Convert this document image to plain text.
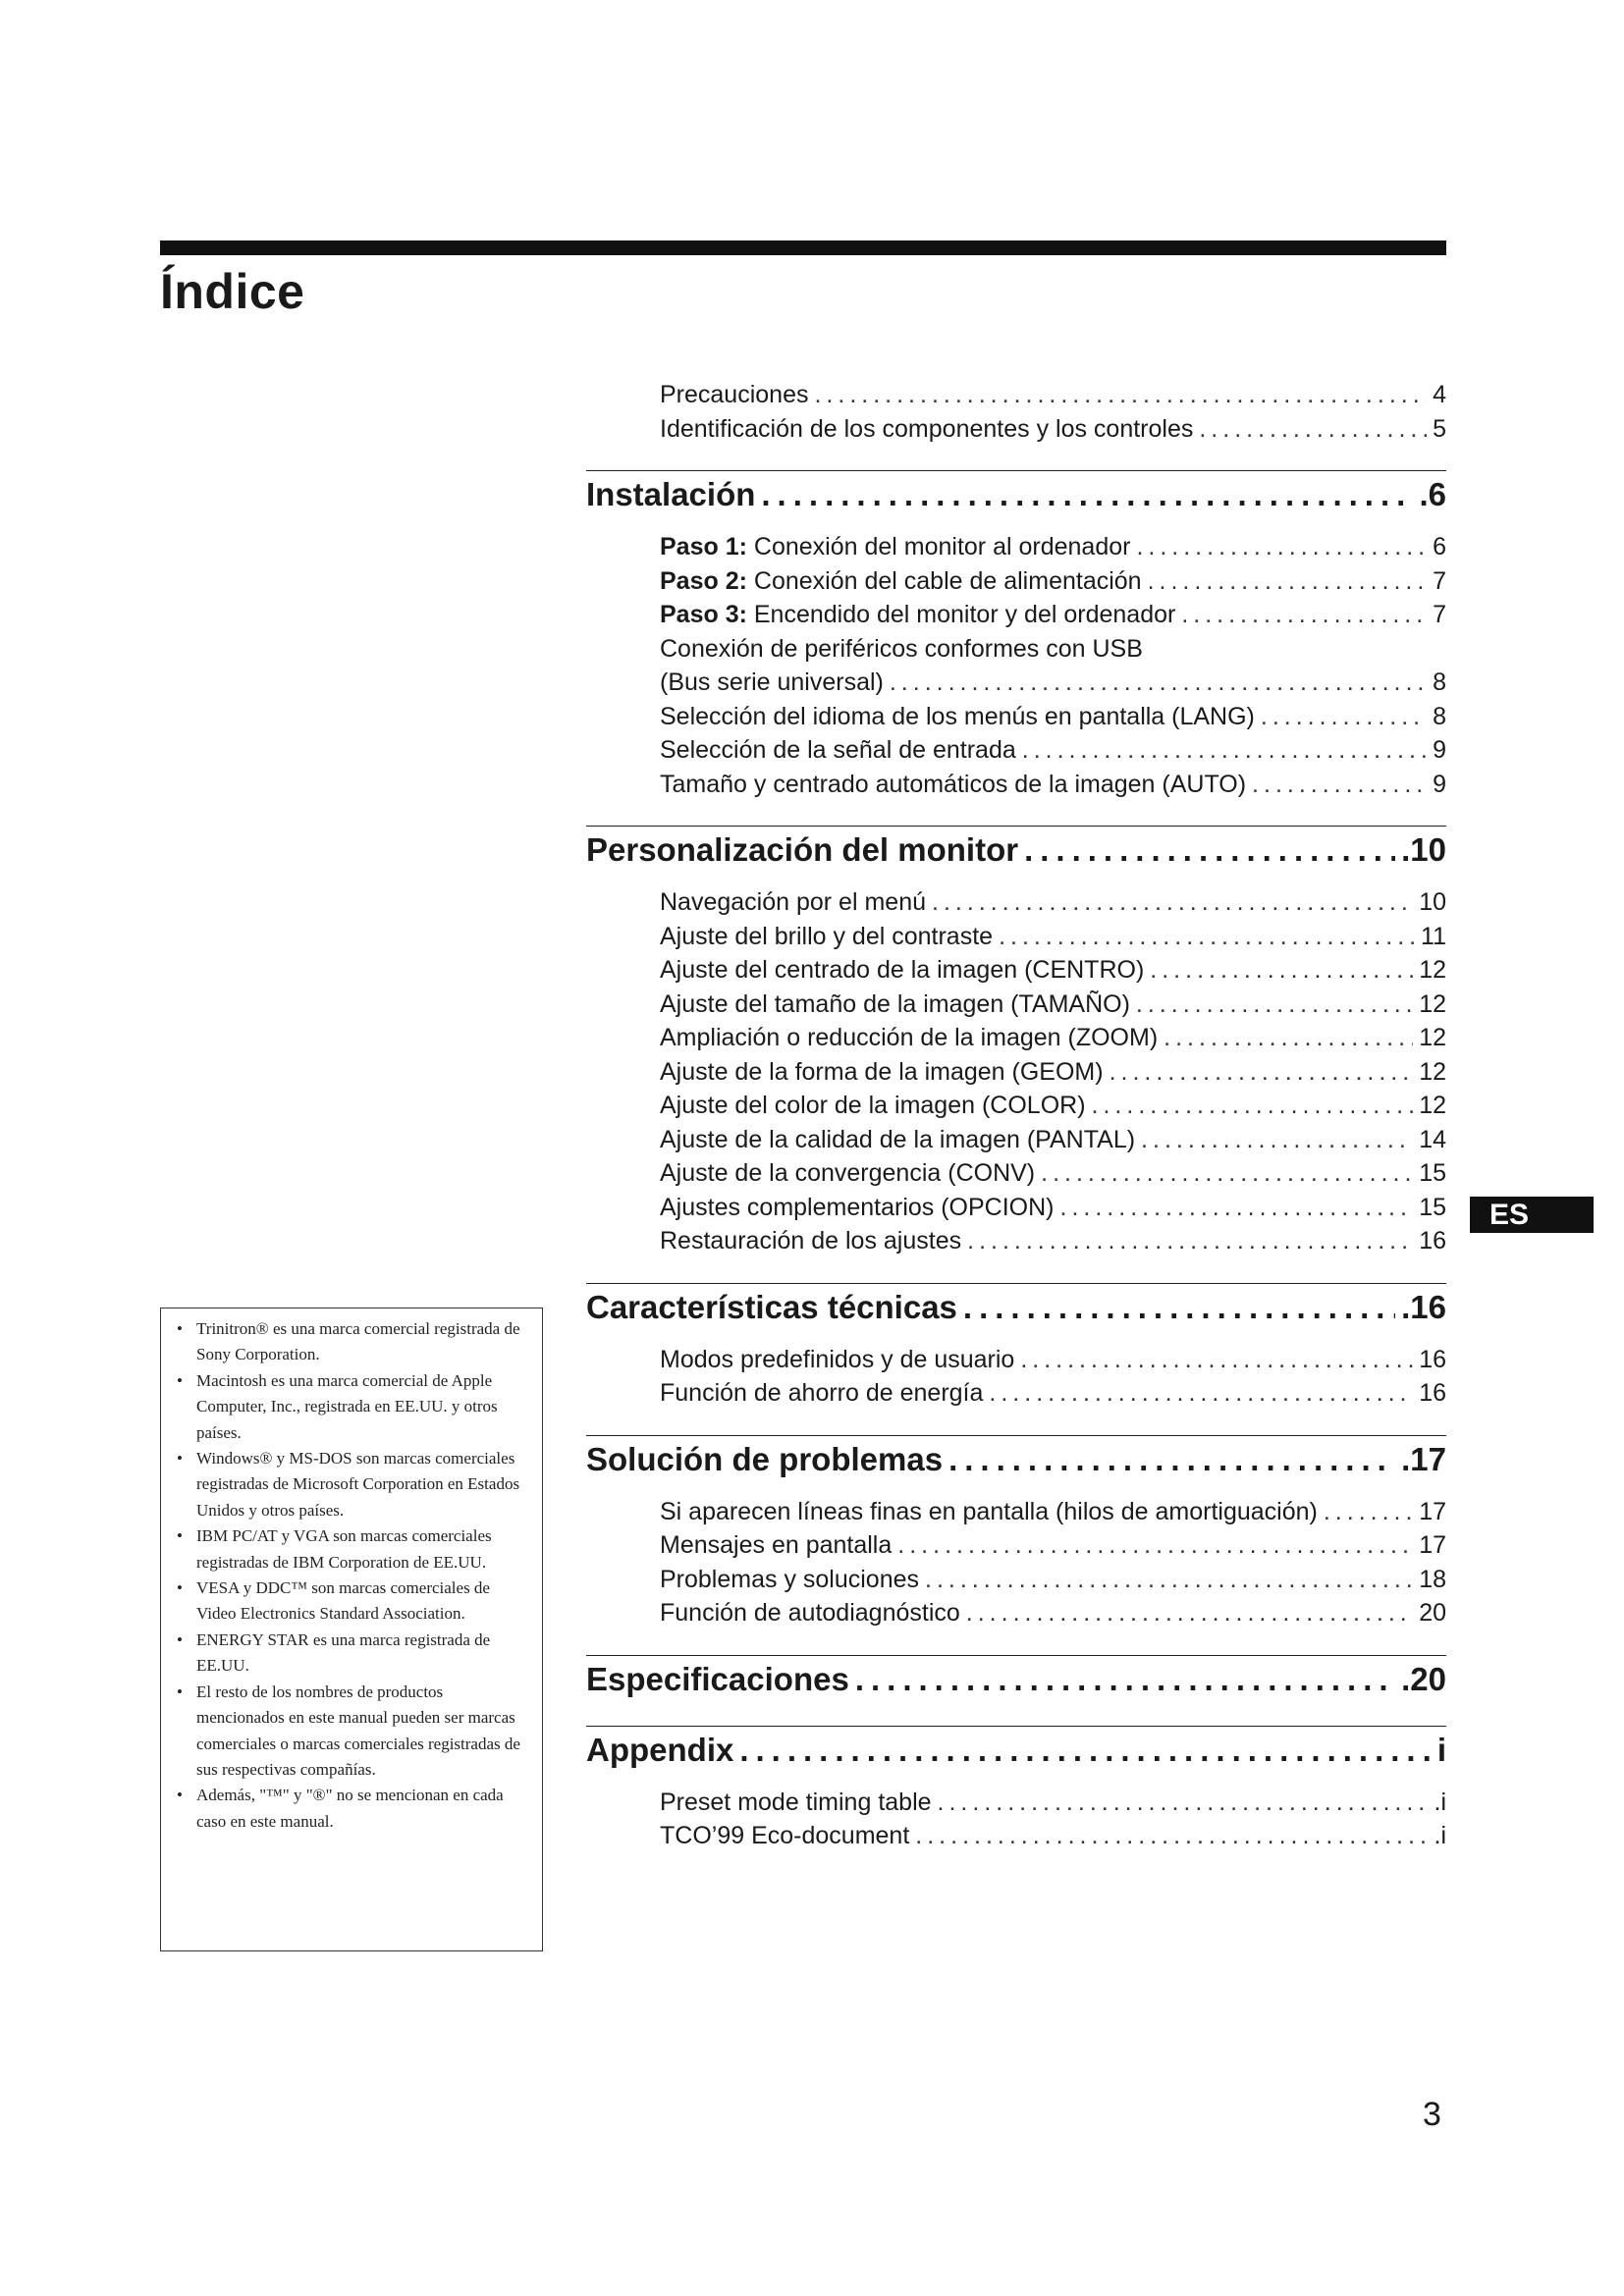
Índice
Precauciones .....	4
Identificación de los componentes y los controles .....	5
Instalación .....	.6
Paso 1: Conexión del monitor al ordenador .....	6
Paso 2: Conexión del cable de alimentación .....	7
Paso 3: Encendido del monitor y del ordenador .....	7
Conexión de periféricos conformes con USB
(Bus serie universal) .....	8
Selección del idioma de los menús en pantalla (LANG) .....	8
Selección de la señal de entrada .....	9
Tamaño y centrado automáticos de la imagen (AUTO) .....	9
Personalización del monitor .....	.10
Navegación por el menú .....	10
Ajuste del brillo y del contraste .....	11
Ajuste del centrado de la imagen (CENTRO) .....	12
Ajuste del tamaño de la imagen (TAMAÑO) .....	12
Ampliación o reducción de la imagen (ZOOM) .....	12
Ajuste de la forma de la imagen (GEOM) .....	12
Ajuste del color de la imagen (COLOR) .....	12
Ajuste de la calidad de la imagen (PANTAL) .....	14
Ajuste de la convergencia (CONV) .....	15
Ajustes complementarios (OPCION) .....	15
Restauración de los ajustes .....	16
Características técnicas .....	.16
Modos predefinidos y de usuario .....	16
Función de ahorro de energía .....	16
Solución de problemas .....	.17
Si aparecen líneas finas en pantalla (hilos de amortiguación) .....	17
Mensajes en pantalla .....	17
Problemas y soluciones .....	18
Función de autodiagnóstico .....	20
Especificaciones .....	.20
Appendix .....	i
Preset mode timing table .....	.i
TCO’99 Eco-document .....	.i
ES
• Trinitron® es una marca comercial registrada de Sony Corporation.
• Macintosh es una marca comercial de Apple Computer, Inc., registrada en EE.UU. y otros países.
• Windows® y MS-DOS son marcas comerciales registradas de Microsoft Corporation en Estados Unidos y otros países.
• IBM PC/AT y VGA son marcas comerciales registradas de IBM Corporation de EE.UU.
• VESA y DDC™ son marcas comerciales de Video Electronics Standard Association.
• ENERGY STAR es una marca registrada de EE.UU.
• El resto de los nombres de productos mencionados en este manual pueden ser marcas comerciales o marcas comerciales registradas de sus respectivas compañías.
• Además, "™" y "®" no se mencionan en cada caso en este manual.
3
